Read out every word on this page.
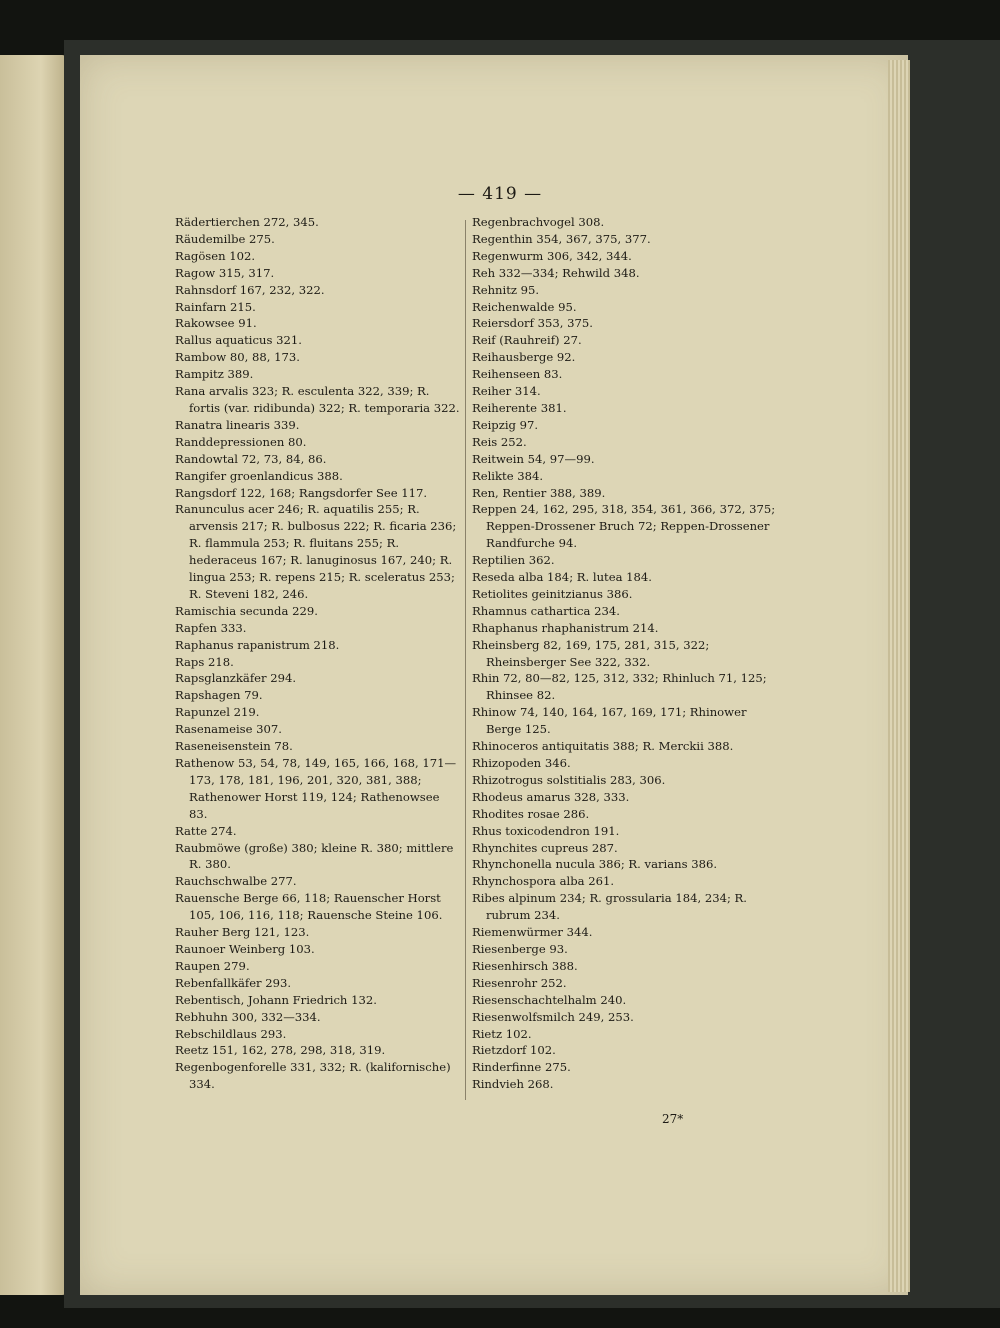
— 419 —
Rädertierchen 272, 345.
Räudemilbe 275.
Ragösen 102.
Ragow 315, 317.
Rahnsdorf 167, 232, 322.
Rainfarn 215.
Rakowsee 91.
Rallus aquaticus 321.
Rambow 80, 88, 173.
Rampitz 389.
Rana arvalis 323; R. esculenta 322, 339; R. fortis (var. ridibunda) 322; R. temporaria 322.
Ranatra linearis 339.
Randdepressionen 80.
Randowtal 72, 73, 84, 86.
Rangifer groenlandicus 388.
Rangsdorf 122, 168; Rangsdorfer See 117.
Ranunculus acer 246; R. aquatilis 255; R. arvensis 217; R. bulbosus 222; R. ficaria 236; R. flammula 253; R. fluitans 255; R. hederaceus 167; R. lanuginosus 167, 240; R. lingua 253; R. repens 215; R. sceleratus 253; R. Steveni 182, 246.
Ramischia secunda 229.
Rapfen 333.
Raphanus rapanistrum 218.
Raps 218.
Rapsglanzkäfer 294.
Rapshagen 79.
Rapunzel 219.
Rasenameise 307.
Raseneisenstein 78.
Rathenow 53, 54, 78, 149, 165, 166, 168, 171—173, 178, 181, 196, 201, 320, 381, 388; Rathenower Horst 119, 124; Rathenowsee 83.
Ratte 274.
Raubmöwe (große) 380; kleine R. 380; mittlere R. 380.
Rauchschwalbe 277.
Rauensche Berge 66, 118; Rauenscher Horst 105, 106, 116, 118; Rauensche Steine 106.
Rauher Berg 121, 123.
Raunoer Weinberg 103.
Raupen 279.
Rebenfallkäfer 293.
Rebentisch, Johann Friedrich 132.
Rebhuhn 300, 332—334.
Rebschildlaus 293.
Reetz 151, 162, 278, 298, 318, 319.
Regenbogenforelle 331, 332; R. (kalifornische) 334.
Regenbrachvogel 308.
Regenthin 354, 367, 375, 377.
Regenwurm 306, 342, 344.
Reh 332—334; Rehwild 348.
Rehnitz 95.
Reichenwalde 95.
Reiersdorf 353, 375.
Reif (Rauhreif) 27.
Reihausberge 92.
Reihenseen 83.
Reiher 314.
Reiherente 381.
Reipzig 97.
Reis 252.
Reitwein 54, 97—99.
Relikte 384.
Ren, Rentier 388, 389.
Reppen 24, 162, 295, 318, 354, 361, 366, 372, 375; Reppen-Drossener Bruch 72; Reppen-Drossener Randfurche 94.
Reptilien 362.
Reseda alba 184; R. lutea 184.
Retiolites geinitzianus 386.
Rhamnus cathartica 234.
Rhaphanus rhaphanistrum 214.
Rheinsberg 82, 169, 175, 281, 315, 322; Rheinsberger See 322, 332.
Rhin 72, 80—82, 125, 312, 332; Rhinluch 71, 125; Rhinsee 82.
Rhinow 74, 140, 164, 167, 169, 171; Rhinower Berge 125.
Rhinoceros antiquitatis 388; R. Merckii 388.
Rhizopoden 346.
Rhizotrogus solstitialis 283, 306.
Rhodeus amarus 328, 333.
Rhodites rosae 286.
Rhus toxicodendron 191.
Rhynchites cupreus 287.
Rhynchonella nucula 386; R. varians 386.
Rhynchospora alba 261.
Ribes alpinum 234; R. grossularia 184, 234; R. rubrum 234.
Riemenwürmer 344.
Riesenberge 93.
Riesenhirsch 388.
Riesenrohr 252.
Riesenschachtelhalm 240.
Riesenwolfsmilch 249, 253.
Rietz 102.
Rietzdorf 102.
Rinderfinne 275.
Rindvieh 268.
27*
